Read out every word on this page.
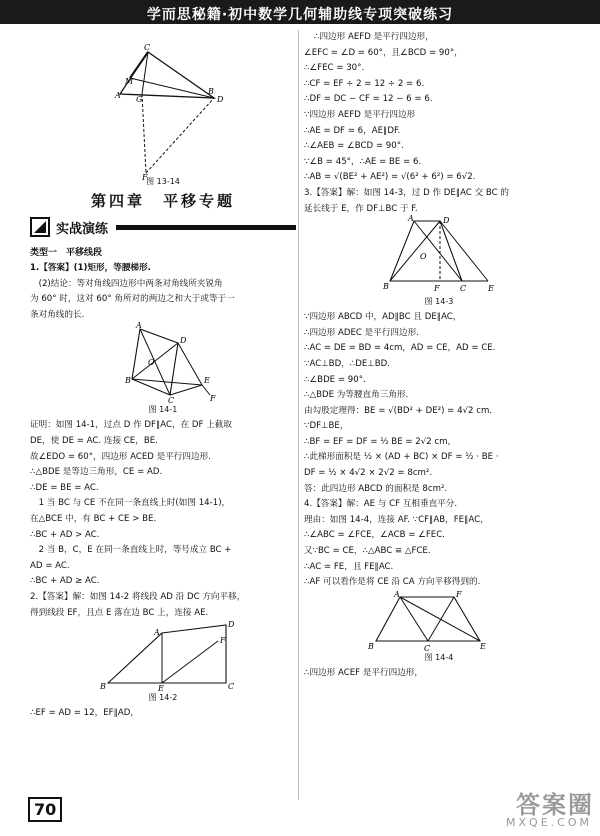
学而思秘籍·初中数学几何辅助线专项突破练习
C
A G
M
B
D
F
图 13-14
第四章　平移专题
实战演练
类型一　平移线段

1.【答案】(1)矩形，等腰梯形.

　(2)结论：等对角线四边形中两条对角线所夹锐角

为 60° 时，这对 60° 角所对的两边之和大于或等于一

条对角线的长.

A
D
B
O
C
E
F
图 14-1

证明：如图 14-1，过点 D 作 DF∥AC，在 DF 上截取

DE，使 DE = AC. 连接 CE，BE.

故∠EDO = 60°，四边形 ACED 是平行四边形.

∴△BDE 是等边三角形，CE = AD.

∴DE = BE = AC.

　1 当 BC 与 CE 不在同一条直线上时(如图 14-1)，

在△BCE 中，有 BC + CE > BE.

∴BC + AD > AC.

　2 当 B，C，E 在同一条直线上时，等号成立 BC +

AD = AC.

∴BC + AD ≥ AC.

2.【答案】解：如图 14-2 将线段 AD 沿 DC 方向平移，

得到线段 EF，且点 E 落在边 BC 上，连接 AE.

A
D
B	E	C
F
图 14-2

∴EF = AD = 12，EF∥AD，

∴四边形 AEFD 是平行四边形，

∠EFC = ∠D = 60°，且∠BCD = 90°，

∴∠FEC = 30°.

∴CF = EF ÷ 2 = 12 ÷ 2 = 6.

∴DF = DC − CF = 12 − 6 = 6.

∵四边形 AEFD 是平行四边形

∴AE = DF = 6，AE∥DF.

∴∠AEB = ∠BCD = 90°.

∵∠B = 45°，∴AE = BE = 6.

∴AB = √(BE² + AE²) = √(6² + 6²) = 6√2.

3.【答案】解：如图 14-3，过 D 作 DE∥AC 交 BC 的

延长线于 E，作 DF⊥BC 于 F.

A	D
B
O
F	C	E
图 14-3

∵四边形 ABCD 中，AD∥BC 且 DE∥AC，

∴四边形 ADEC 是平行四边形.

∴AC = DE = BD = 4cm，AD = CE，AD = CE.

∵AC⊥BD，∴DE⊥BD.

∴∠BDE = 90°.

∴△BDE 为等腰直角三角形.

由勾股定理得：BE = √(BD² + DE²) = 4√2 cm.

∵DF⊥BE，

∴BF = EF = DF = ½ BE = 2√2 cm，

∴此梯形面积是 ½ × (AD + BC) × DF = ½ · BE ·

DF = ½ × 4√2 × 2√2 = 8cm².

答：此四边形 ABCD 的面积是 8cm².

4.【答案】解：AE 与 CF 互相垂直平分.

理由：如图 14-4，连接 AF. ∵CF∥AB，FE∥AC，

∴∠ABC = ∠FCE，∠ACB = ∠FEC.

又∵BC = CE，∴△ABC ≌ △FCE.

∴AC = FE，且 FE∥AC.

∴AF 可以看作是将 CE 沿 CA 方向平移得到的.

A	F
B	C	E
图 14-4

∴四边形 ACEF 是平行四边形，

70	答案圈
MXQE.COM
